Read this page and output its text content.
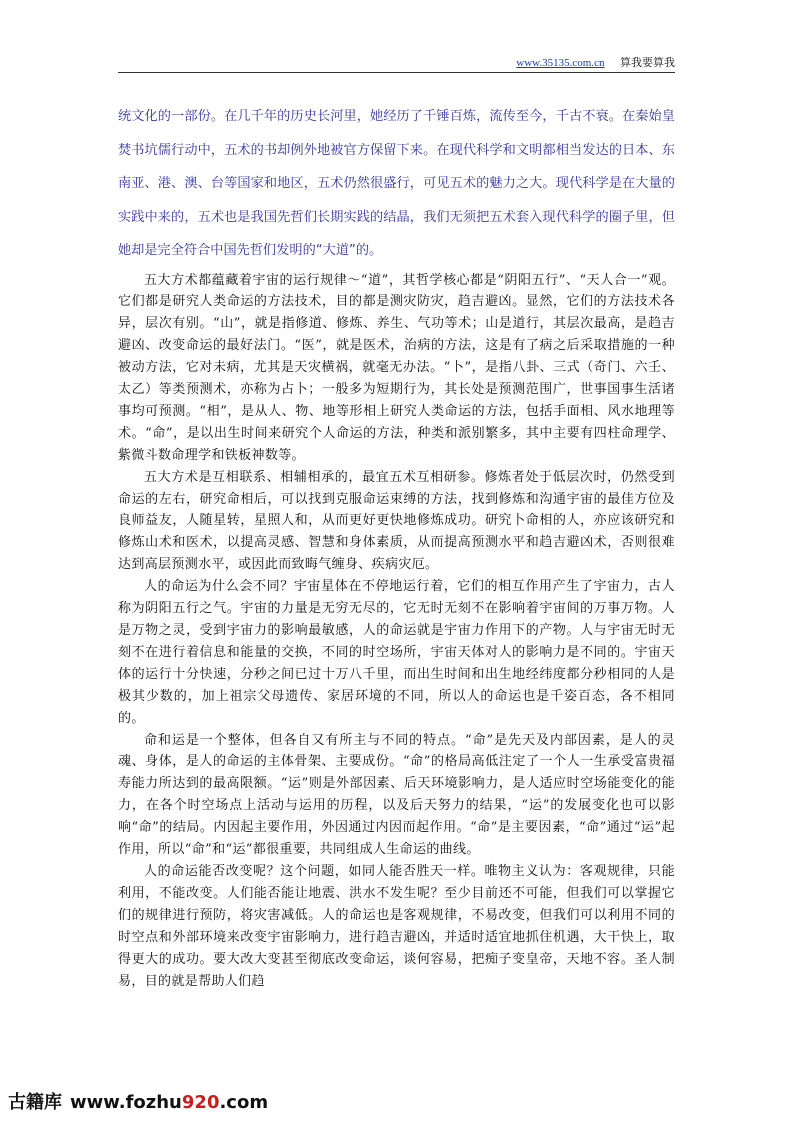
www.35135.com.cn 算我要算我

统文化的一部份。在几千年的历史长河里，她经历了千锤百炼，流传至今，千古不衰。在秦始皇焚书坑儒行动中，五术的书却例外地被官方保留下来。在现代科学和文明都相当发达的日本、东南亚、港、澳、台等国家和地区，五术仍然很盛行，可见五术的魅力之大。现代科学是在大量的实践中来的，五术也是我国先哲们长期实践的结晶，我们无须把五术套入现代科学的圈子里，但她却是完全符合中国先哲们发明的“大道”的。

五大方术都蕴藏着宇宙的运行规律～“道”，其哲学核心都是“阴阳五行”、“天人合一”观。它们都是研究人类命运的方法技术，目的都是测灾防灾，趋吉避凶。显然，它们的方法技术各异，层次有别。“山”，就是指修道、修炼、养生、气功等术；山是道行，其层次最高，是趋吉避凶、改变命运的最好法门。“医”，就是医术，治病的方法，这是有了病之后采取措施的一种被动方法，它对未病，尤其是天灾横祸，就毫无办法。“卜”，是指八卦、三式（奇门、六壬、太乙）等类预测术，亦称为占卜；一般多为短期行为，其长处是预测范围广，世事国事生活诸事均可预测。“相”，是从人、物、地等形相上研究人类命运的方法，包括手面相、风水地理等术。“命”，是以出生时间来研究个人命运的方法，种类和派别繁多，其中主要有四柱命理学、紫微斗数命理学和铁板神数等。

五大方术是互相联系、相辅相承的，最宜五术互相研参。修炼者处于低层次时，仍然受到命运的左右，研究命相后，可以找到克服命运束缚的方法，找到修炼和沟通宇宙的最佳方位及良师益友，人随星转，星照人和，从而更好更快地修炼成功。研究卜命相的人，亦应该研究和修炼山术和医术，以提高灵感、智慧和身体素质，从而提高预测水平和趋吉避凶术，否则很难达到高层预测水平，或因此而致晦气缠身、疾病灾厄。

人的命运为什么会不同？宇宙星体在不停地运行着，它们的相互作用产生了宇宙力，古人称为阴阳五行之气。宇宙的力量是无穷无尽的，它无时无刻不在影响着宇宙间的万事万物。人是万物之灵，受到宇宙力的影响最敏感，人的命运就是宇宙力作用下的产物。人与宇宙无时无刻不在进行着信息和能量的交换，不同的时空场所，宇宙天体对人的影响力是不同的。宇宙天体的运行十分快速，分秒之间已过十万八千里，而出生时间和出生地经纬度都分秒相同的人是极其少数的，加上祖宗父母遗传、家居环境的不同，所以人的命运也是千姿百态，各不相同的。

命和运是一个整体，但各自又有所主与不同的特点。“命”是先天及内部因素，是人的灵魂、身体，是人的命运的主体骨架、主要成份。“命”的格局高低注定了一个人一生承受富贵福寿能力所达到的最高限额。“运”则是外部因素、后天环境影响力，是人适应时空场能变化的能力，在各个时空场点上活动与运用的历程，以及后天努力的结果，“运”的发展变化也可以影响“命”的结局。内因起主要作用，外因通过内因而起作用。“命”是主要因素，“命”通过“运”起作用，所以“命”和“运”都很重要，共同组成人生命运的曲线。

人的命运能否改变呢？这个问题，如同人能否胜天一样。唯物主义认为：客观规律，只能利用，不能改变。人们能否能让地震、洪水不发生呢？至少目前还不可能，但我们可以掌握它们的规律进行预防，将灾害减低。人的命运也是客观规律，不易改变，但我们可以利用不同的时空点和外部环境来改变宇宙影响力，进行趋吉避凶，并适时适宜地抓住机遇，大干快上，取得更大的成功。要大改大变甚至彻底改变命运，谈何容易，把痴子变皇帝，天地不容。圣人制易，目的就是帮助人们趋

古籍库 www.fozhu920.com
